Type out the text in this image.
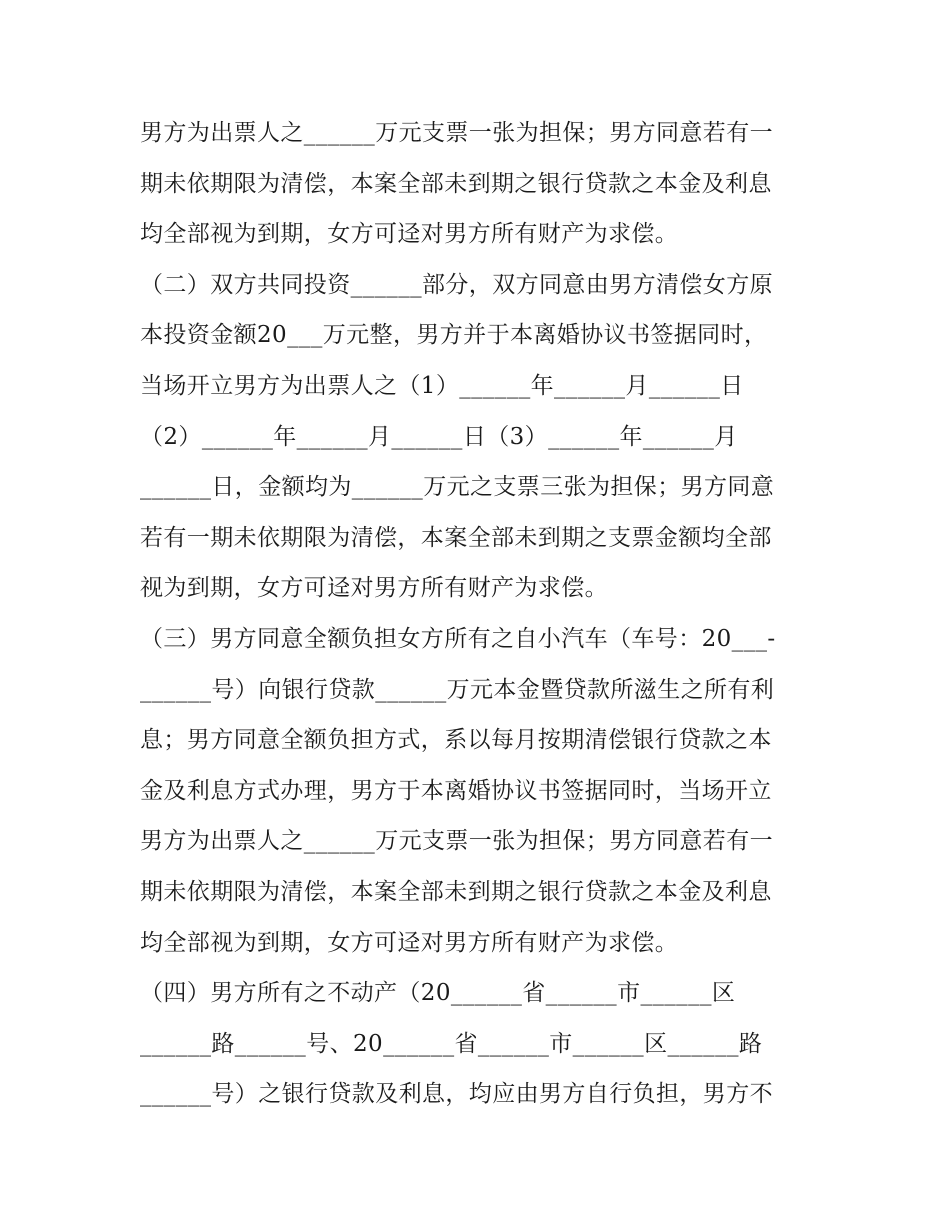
男方为出票人之______万元支票一张为担保；男方同意若有一
期未依期限为清偿，本案全部未到期之银行贷款之本金及利息
均全部视为到期，女方可迳对男方所有财产为求偿。
（二）双方共同投资______部分，双方同意由男方清偿女方原
本投资金额20___万元整，男方并于本离婚协议书签据同时，
当场开立男方为出票人之（1）______年______月______日
（2）______年______月______日（3）______年______月
______日，金额均为______万元之支票三张为担保；男方同意
若有一期未依期限为清偿，本案全部未到期之支票金额均全部
视为到期，女方可迳对男方所有财产为求偿。
（三）男方同意全额负担女方所有之自小汽车（车号：20___-
______号）向银行贷款______万元本金暨贷款所滋生之所有利
息；男方同意全额负担方式，系以每月按期清偿银行贷款之本
金及利息方式办理，男方于本离婚协议书签据同时，当场开立
男方为出票人之______万元支票一张为担保；男方同意若有一
期未依期限为清偿，本案全部未到期之银行贷款之本金及利息
均全部视为到期，女方可迳对男方所有财产为求偿。
（四）男方所有之不动产（20______省______市______区
______路______号、20______省______市______区______路
______号）之银行贷款及利息，均应由男方自行负担，男方不
